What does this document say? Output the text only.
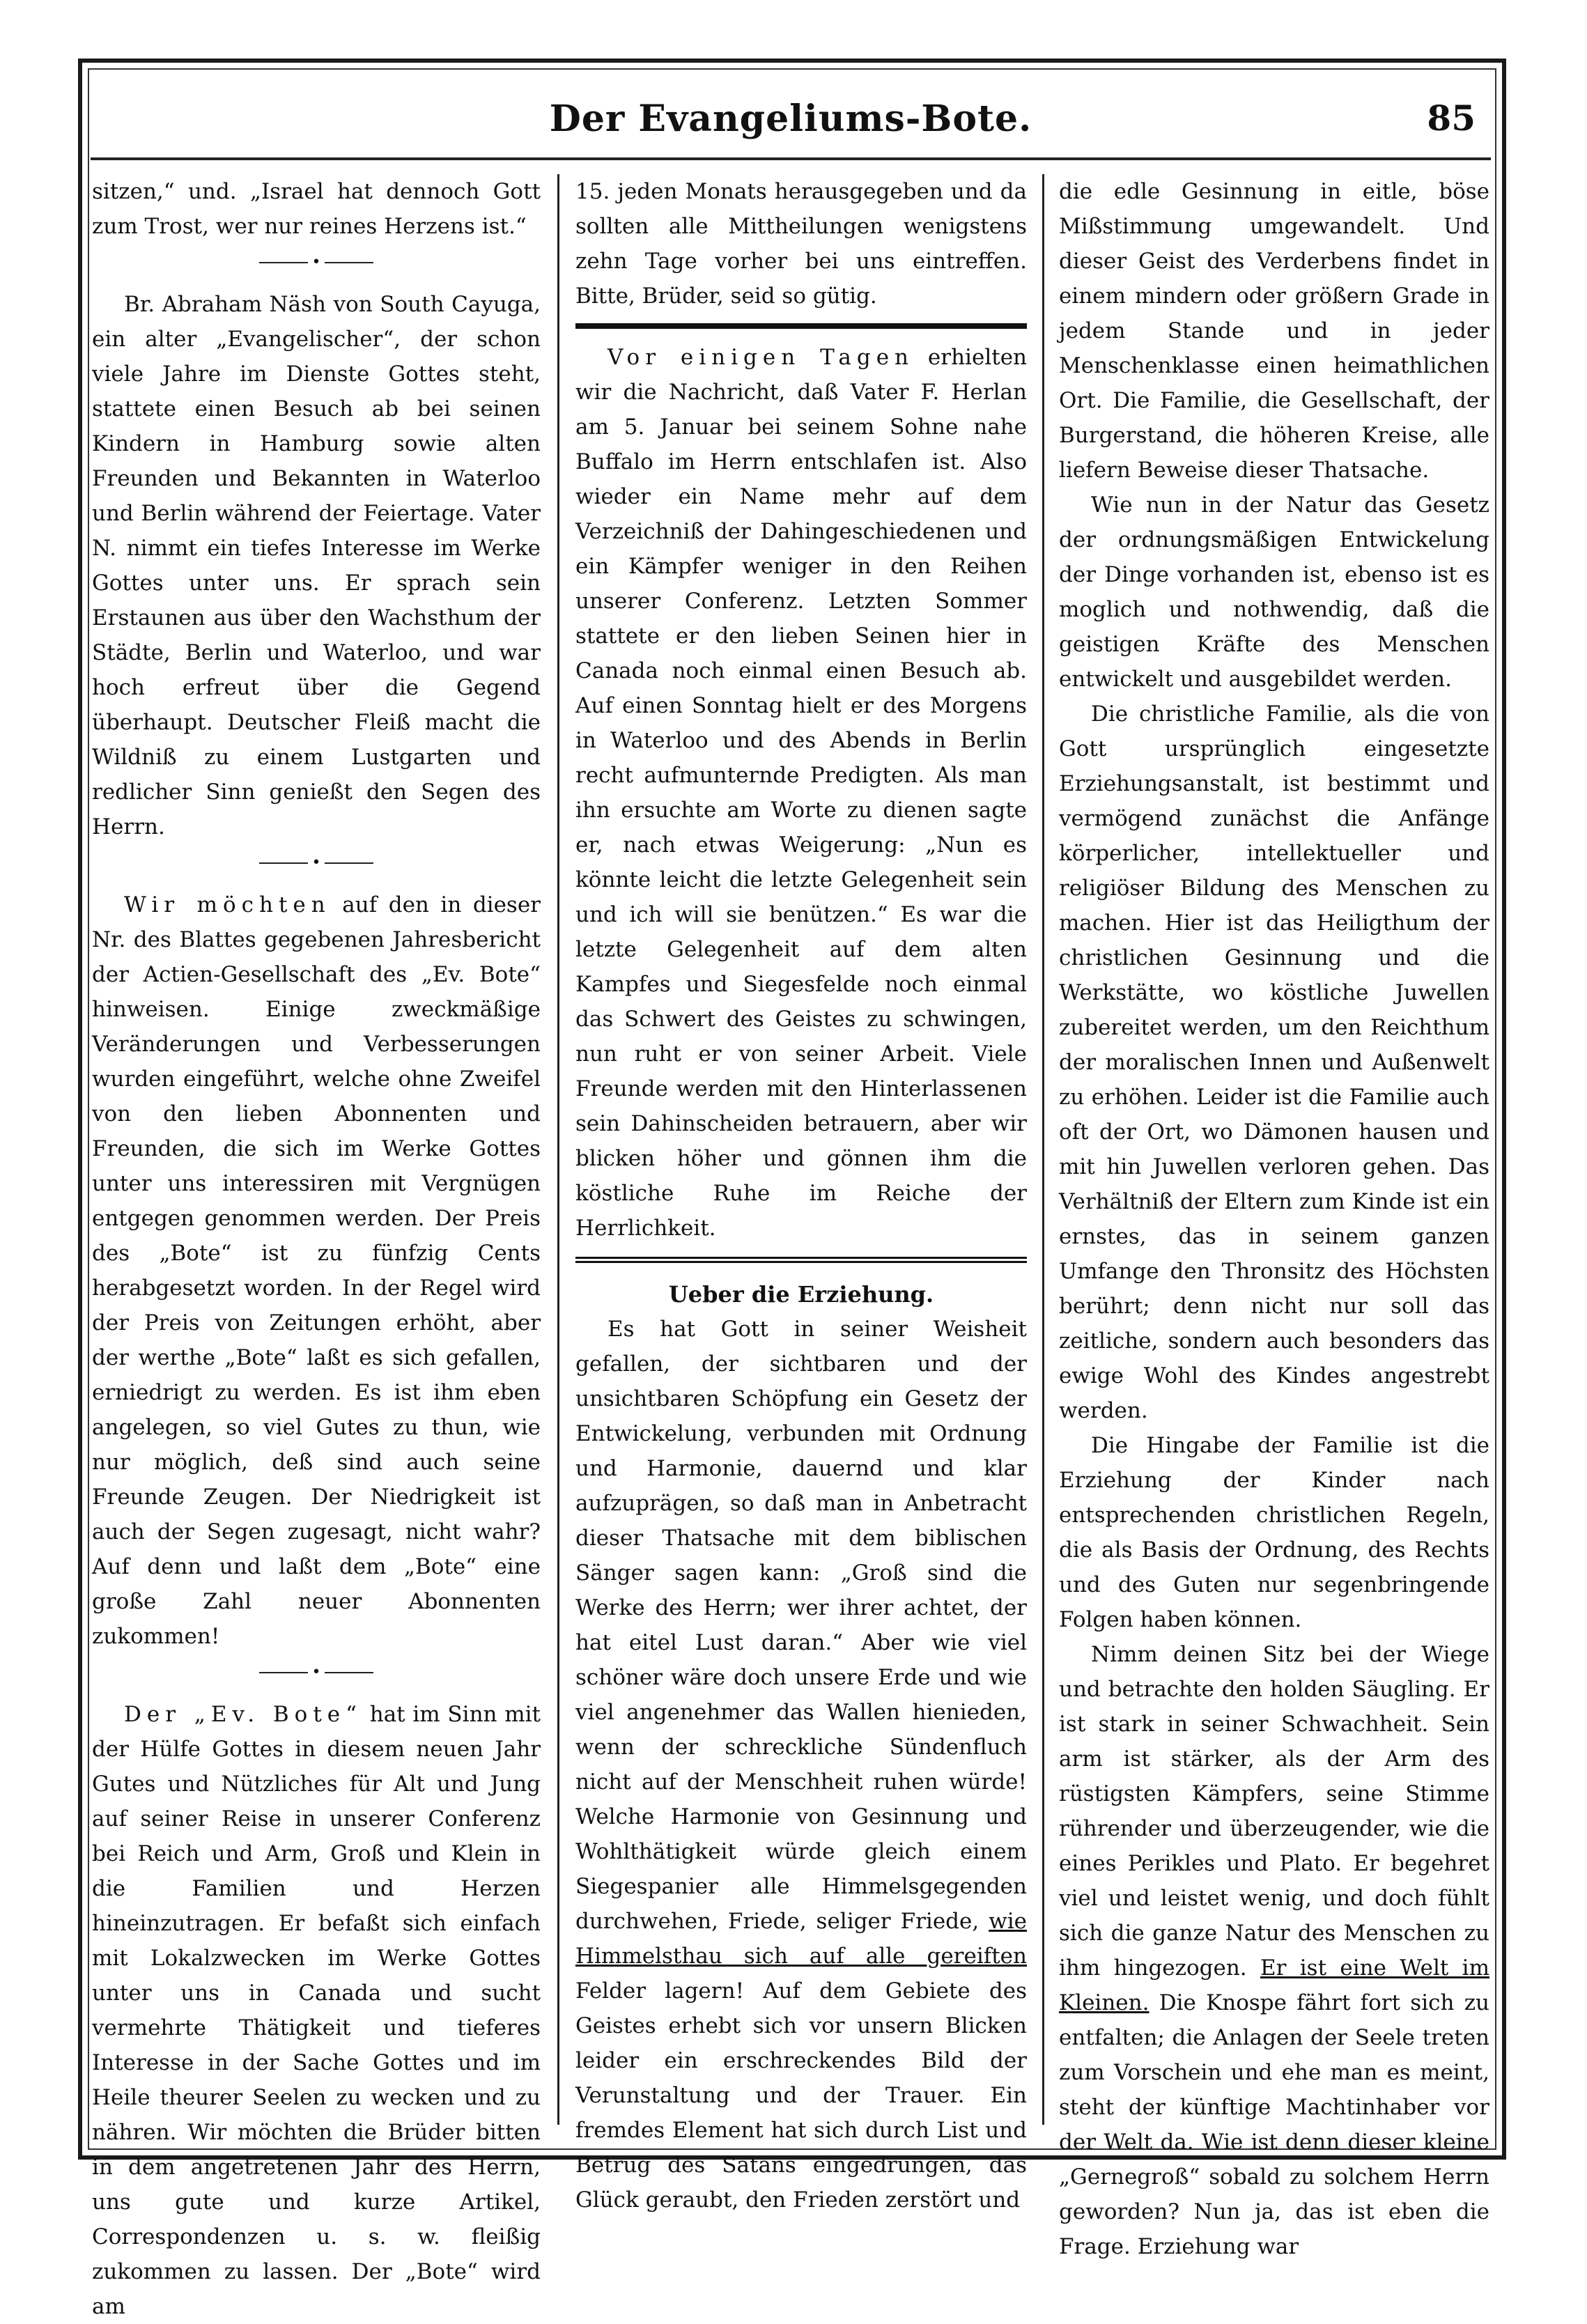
Der Evangeliums-Bote.	85

sitzen,“ und. „Israel hat dennoch Gott zum Trost, wer nur reines Herzens ist.“

•

Br. Abraham Näsh von South Cayuga, ein alter „Evangelischer“, der schon viele Jahre im Dienste Gottes steht, stattete einen Besuch ab bei seinen Kindern in Hamburg sowie alten Freunden und Bekannten in Waterloo und Berlin während der Feiertage. Vater N. nimmt ein tiefes Interesse im Werke Gottes unter uns. Er sprach sein Erstaunen aus über den Wachsthum der Städte, Berlin und Waterloo, und war hoch erfreut über die Gegend überhaupt. Deutscher Fleiß macht die Wildniß zu einem Lustgarten und redlicher Sinn genießt den Segen des Herrn.

•

Wir möchten auf den in dieser Nr. des Blattes gegebenen Jahresbericht der Actien-Gesellschaft des „Ev. Bote“ hinweisen. Einige zweckmäßige Veränderungen und Verbesserungen wurden eingeführt, welche ohne Zweifel von den lieben Abonnenten und Freunden, die sich im Werke Gottes unter uns interessiren mit Vergnügen entgegen genommen werden. Der Preis des „Bote“ ist zu fünfzig Cents herabgesetzt worden. In der Regel wird der Preis von Zeitungen erhöht, aber der werthe „Bote“ laßt es sich gefallen, erniedrigt zu werden. Es ist ihm eben angelegen, so viel Gutes zu thun, wie nur möglich, deß sind auch seine Freunde Zeugen. Der Niedrigkeit ist auch der Segen zugesagt, nicht wahr? Auf denn und laßt dem „Bote“ eine große Zahl neuer Abonnenten zukommen!

•

Der „Ev. Bote“ hat im Sinn mit der Hülfe Gottes in diesem neuen Jahr Gutes und Nützliches für Alt und Jung auf seiner Reise in unserer Conferenz bei Reich und Arm, Groß und Klein in die Familien und Herzen hineinzutragen. Er befaßt sich einfach mit Lokalzwecken im Werke Gottes unter uns in Canada und sucht vermehrte Thätigkeit und tieferes Interesse in der Sache Gottes und im Heile theurer Seelen zu wecken und zu nähren. Wir möchten die Brüder bitten in dem angetretenen Jahr des Herrn, uns gute und kurze Artikel, Correspondenzen u. s. w. fleißig zukommen zu lassen. Der „Bote“ wird am

15. jeden Monats herausgegeben und da sollten alle Mittheilungen wenigstens zehn Tage vorher bei uns eintreffen. Bitte, Brüder, seid so gütig.

Vor einigen Tagen erhielten wir die Nachricht, daß Vater F. Herlan am 5. Januar bei seinem Sohne nahe Buffalo im Herrn entschlafen ist. Also wieder ein Name mehr auf dem Verzeichniß der Dahingeschiedenen und ein Kämpfer weniger in den Reihen unserer Conferenz. Letzten Sommer stattete er den lieben Seinen hier in Canada noch einmal einen Besuch ab. Auf einen Sonntag hielt er des Morgens in Waterloo und des Abends in Berlin recht aufmunternde Predigten. Als man ihn ersuchte am Worte zu dienen sagte er, nach etwas Weigerung: „Nun es könnte leicht die letzte Gelegenheit sein und ich will sie benützen.“ Es war die letzte Gelegenheit auf dem alten Kampfes und Siegesfelde noch einmal das Schwert des Geistes zu schwingen, nun ruht er von seiner Arbeit. Viele Freunde werden mit den Hinterlassenen sein Dahinscheiden betrauern, aber wir blicken höher und gönnen ihm die köstliche Ruhe im Reiche der Herrlichkeit.

Ueber die Erziehung.

Es hat Gott in seiner Weisheit gefallen, der sichtbaren und der unsichtbaren Schöpfung ein Gesetz der Entwickelung, verbunden mit Ordnung und Harmonie, dauernd und klar aufzuprägen, so daß man in Anbetracht dieser Thatsache mit dem biblischen Sänger sagen kann: „Groß sind die Werke des Herrn; wer ihrer achtet, der hat eitel Lust daran.“ Aber wie viel schöner wäre doch unsere Erde und wie viel angenehmer das Wallen hienieden, wenn der schreckliche Sündenfluch nicht auf der Menschheit ruhen würde! Welche Harmonie von Gesinnung und Wohlthätigkeit würde gleich einem Siegespanier alle Himmelsgegenden durchwehen, Friede, seliger Friede, wie Himmelsthau sich auf alle gereiften Felder lagern! Auf dem Gebiete des Geistes erhebt sich vor unsern Blicken leider ein erschreckendes Bild der Verunstaltung und der Trauer. Ein fremdes Element hat sich durch List und Betrug des Satans eingedrungen, das Glück geraubt, den Frieden zerstört und

die edle Gesinnung in eitle, böse Mißstimmung umgewandelt. Und dieser Geist des Verderbens findet in einem mindern oder größern Grade in jedem Stande und in jeder Menschenklasse einen heimathlichen Ort. Die Familie, die Gesellschaft, der Burgerstand, die höheren Kreise, alle liefern Beweise dieser Thatsache.

Wie nun in der Natur das Gesetz der ordnungsmäßigen Entwickelung der Dinge vorhanden ist, ebenso ist es moglich und nothwendig, daß die geistigen Kräfte des Menschen entwickelt und ausgebildet werden.

Die christliche Familie, als die von Gott ursprünglich eingesetzte Erziehungsanstalt, ist bestimmt und vermögend zunächst die Anfänge körperlicher, intellektueller und religiöser Bildung des Menschen zu machen. Hier ist das Heiligthum der christlichen Gesinnung und die Werkstätte, wo köstliche Juwellen zubereitet werden, um den Reichthum der moralischen Innen und Außenwelt zu erhöhen. Leider ist die Familie auch oft der Ort, wo Dämonen hausen und mit hin Juwellen verloren gehen. Das Verhältniß der Eltern zum Kinde ist ein ernstes, das in seinem ganzen Umfange den Thronsitz des Höchsten berührt; denn nicht nur soll das zeitliche, sondern auch besonders das ewige Wohl des Kindes angestrebt werden.

Die Hingabe der Familie ist die Erziehung der Kinder nach entsprechenden christlichen Regeln, die als Basis der Ordnung, des Rechts und des Guten nur segenbringende Folgen haben können.

Nimm deinen Sitz bei der Wiege und betrachte den holden Säugling. Er ist stark in seiner Schwachheit. Sein arm ist stärker, als der Arm des rüstigsten Kämpfers, seine Stimme rührender und überzeugender, wie die eines Perikles und Plato. Er begehret viel und leistet wenig, und doch fühlt sich die ganze Natur des Menschen zu ihm hingezogen. Er ist eine Welt im Kleinen. Die Knospe fährt fort sich zu entfalten; die Anlagen der Seele treten zum Vorschein und ehe man es meint, steht der künftige Machtinhaber vor der Welt da. Wie ist denn dieser kleine „Gernegroß“ sobald zu solchem Herrn geworden? Nun ja, das ist eben die Frage. Erziehung war
